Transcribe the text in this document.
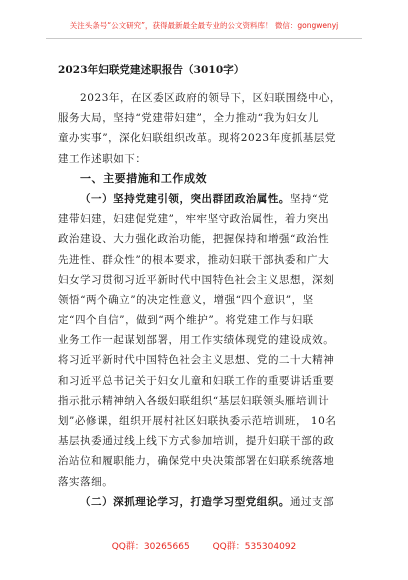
关注头条号“公文研究”，获得最新最全最专业的公文资料库！ 微信：gongwenyj
2023年妇联党建述职报告（3010字）
2023年，在区委区政府的领导下，区妇联围绕中心，
服务大局，坚持“党建带妇建”，全力推动“我为妇女儿
童办实事”，深化妇联组织改革。现将2023年度抓基层党
建工作述职如下：
一、主要措施和工作成效
（一）坚持党建引领，突出群团政治属性。坚持“党
建带妇建，妇建促党建”，牢牢坚守政治属性，着力突出
政治建设、大力强化政治功能，把握保持和增强“政治性
先进性、群众性”的根本要求，推动妇联干部执委和广大
妇女学习贯彻习近平新时代中国特色社会主义思想，深刻
领悟“两个确立”的决定性意义，增强“四个意识”，坚
定“四个自信”，做到“两个维护”。将党建工作与妇联
业务工作一起谋划部署，用工作实绩体现党的建设成效。
将习近平新时代中国特色社会主义思想、党的二十大精神
和习近平总书记关于妇女儿童和妇联工作的重要讲话重要
指示批示精神纳入各级妇联组织“基层妇联领头雁培训计
划”必修课，组织开展村社区妇联执委示范培训班， 10名
基层执委通过线上线下方式参加培训，提升妇联干部的政
治站位和履职能力，确保党中央决策部署在妇联系统落地
落实落细。
（二）深抓理论学习，打造学习型党组织。通过支部
QQ群：30265665	QQ群：535304092
